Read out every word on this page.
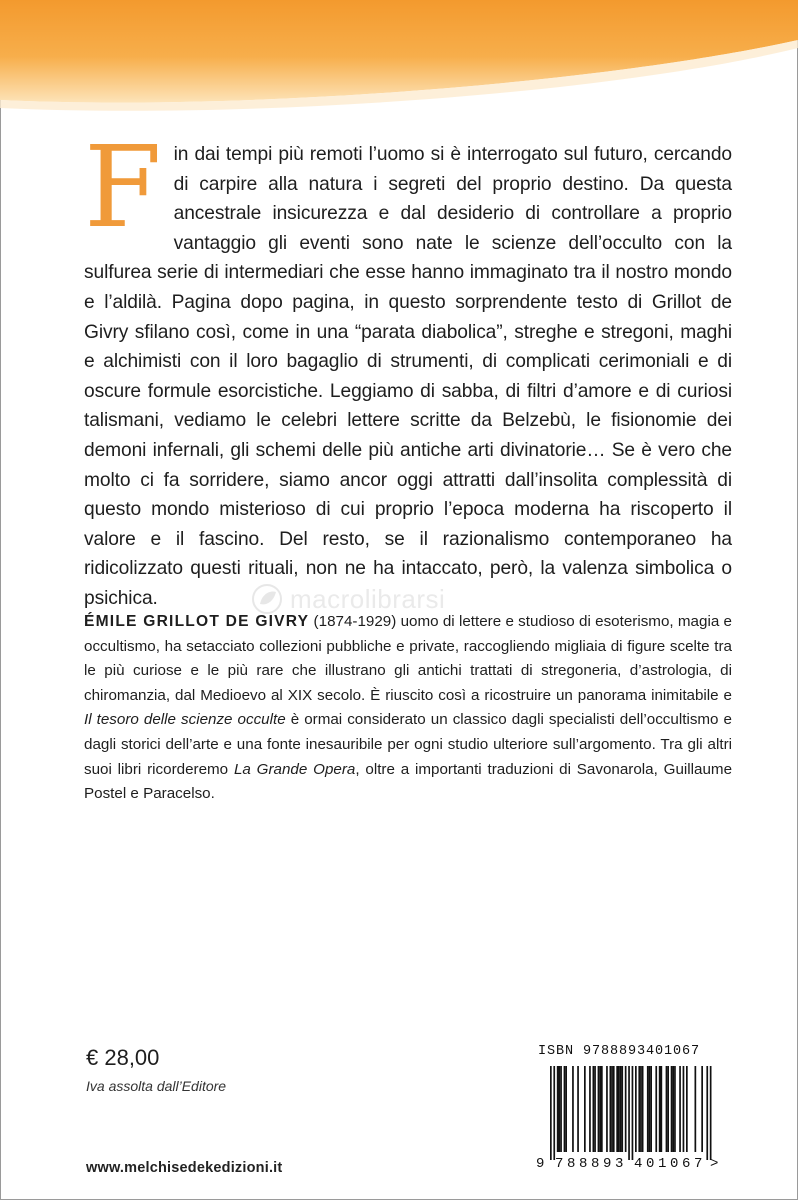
Fin dai tempi più remoti l’uomo si è interrogato sul futuro, cercando di carpire alla natura i segreti del proprio destino. Da questa ancestrale insicurezza e dal desiderio di controllare a proprio vantaggio gli eventi sono nate le scienze dell’occulto con la sulfurea serie di intermediari che esse hanno immaginato tra il nostro mondo e l’aldilà. Pagina dopo pagina, in questo sorprendente testo di Grillot de Givry sfilano così, come in una “parata diabolica”, streghe e stregoni, maghi e alchimisti con il loro bagaglio di strumenti, di complicati cerimoniali e di oscure formule esorcistiche. Leggiamo di sabba, di filtri d’amore e di curiosi talismani, vediamo le celebri lettere scritte da Belzebù, le fisionomie dei demoni infernali, gli schemi delle più antiche arti divinatorie… Se è vero che molto ci fa sorridere, siamo ancor oggi attratti dall’insolita complessità di questo mondo misterioso di cui proprio l’epoca moderna ha riscoperto il valore e il fascino. Del resto, se il razionalismo contemporaneo ha ridicolizzato questi rituali, non ne ha intaccato, però, la valenza simbolica o psichica.	macrolibrarsi

ÉMILE GRILLOT DE GIVRY (1874-1929) uomo di lettere e studioso di esoterismo, magia e occultismo, ha setacciato collezioni pubbliche e private, raccogliendo migliaia di figure scelte tra le più curiose e le più rare che illustrano gli antichi trattati di stregoneria, d’astrologia, di chiromanzia, dal Medioevo al XIX secolo. È riuscito così a ricostruire un panorama inimitabile e Il tesoro delle scienze occulte è ormai considerato un classico dagli specialisti dell’occultismo e dagli storici dell’arte e una fonte inesauribile per ogni studio ulteriore sull’argomento. Tra gli altri suoi libri ricorderemo La Grande Opera, oltre a importanti traduzioni di Savonarola, Guillaume Postel e Paracelso.

€ 28,00
Iva assolta dall’Editore
www.melchisedekedizioni.it
ISBN 9788893401067
9 788893 401067 >
